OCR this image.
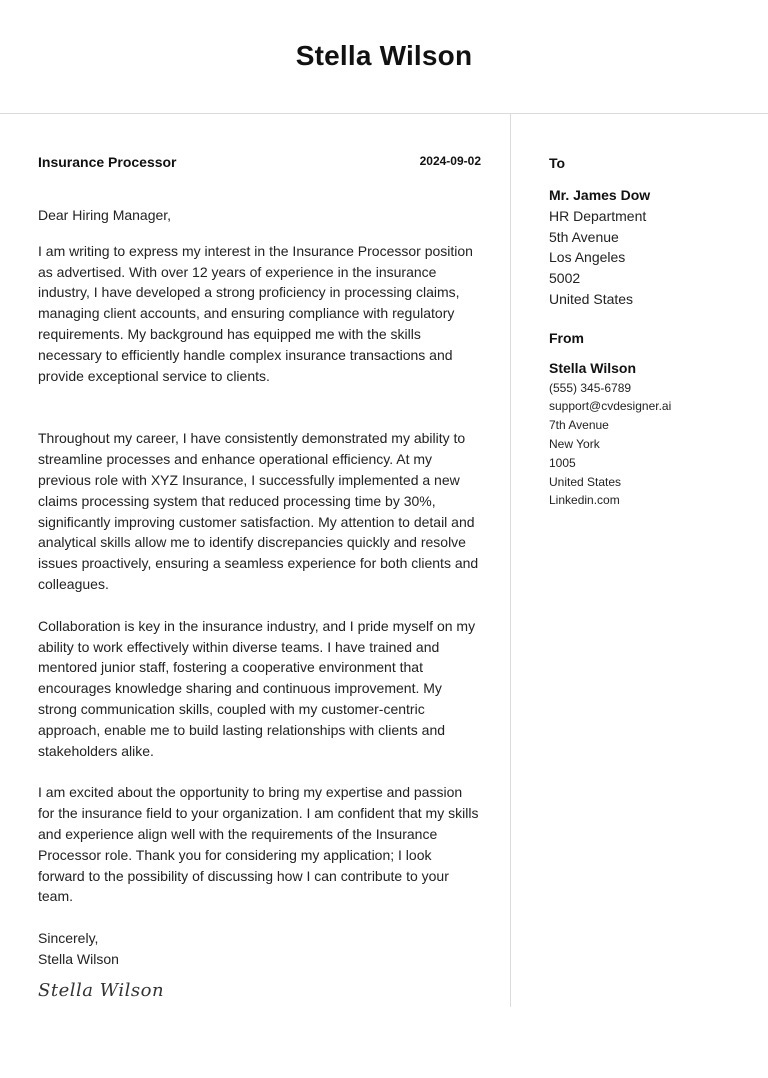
Stella Wilson
Insurance Processor	2024-09-02
Dear Hiring Manager,

I am writing to express my interest in the Insurance Processor position as advertised. With over 12 years of experience in the insurance industry, I have developed a strong proficiency in processing claims, managing client accounts, and ensuring compliance with regulatory requirements. My background has equipped me with the skills necessary to efficiently handle complex insurance transactions and provide exceptional service to clients.

Throughout my career, I have consistently demonstrated my ability to streamline processes and enhance operational efficiency. At my previous role with XYZ Insurance, I successfully implemented a new claims processing system that reduced processing time by 30%, significantly improving customer satisfaction. My attention to detail and analytical skills allow me to identify discrepancies quickly and resolve issues proactively, ensuring a seamless experience for both clients and colleagues.

Collaboration is key in the insurance industry, and I pride myself on my ability to work effectively within diverse teams. I have trained and mentored junior staff, fostering a cooperative environment that encourages knowledge sharing and continuous improvement. My strong communication skills, coupled with my customer-centric approach, enable me to build lasting relationships with clients and stakeholders alike.

I am excited about the opportunity to bring my expertise and passion for the insurance field to your organization. I am confident that my skills and experience align well with the requirements of the Insurance Processor role. Thank you for considering my application; I look forward to the possibility of discussing how I can contribute to your team.

Sincerely,
Stella Wilson
Stella Wilson
To
Mr. James Dow
HR Department
5th Avenue
Los Angeles
5002
United States
From
Stella Wilson
(555) 345-6789
support@cvdesigner.ai
7th Avenue
New York
1005
United States
Linkedin.com
